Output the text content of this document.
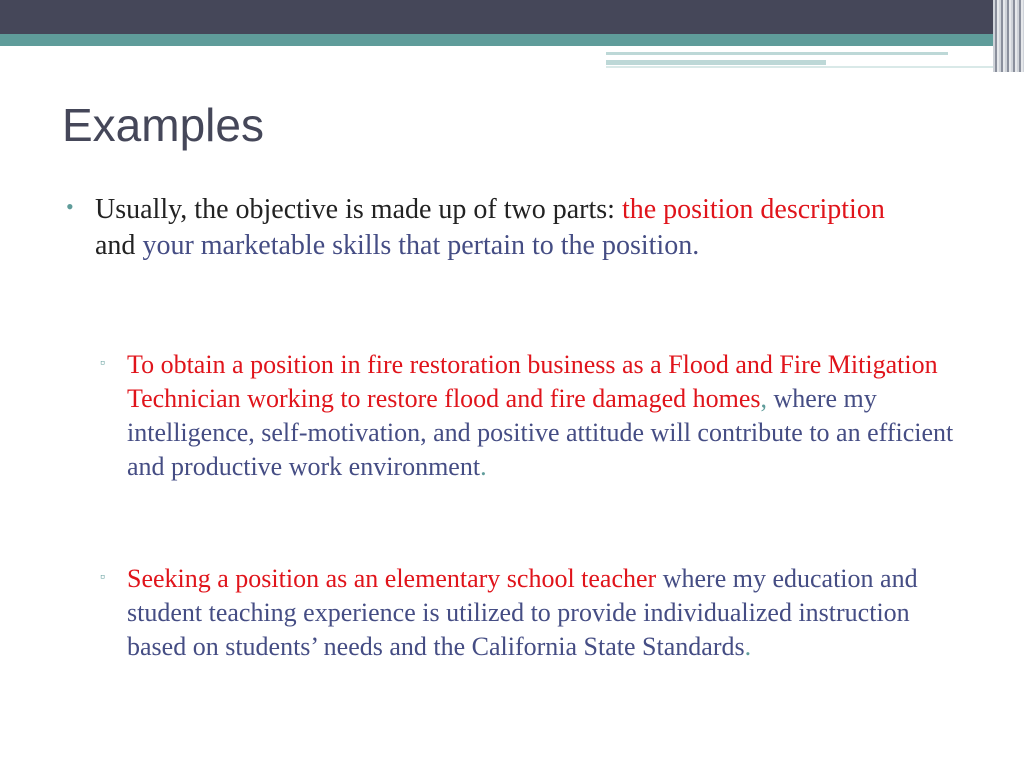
Examples
• Usually, the objective is made up of two parts: the position description and your marketable skills that pertain to the position.
▫ To obtain a position in fire restoration business as a Flood and Fire Mitigation Technician working to restore flood and fire damaged homes, where my intelligence, self-motivation, and positive attitude will contribute to an efficient and productive work environment.
▫ Seeking a position as an elementary school teacher where my education and student teaching experience is utilized to provide individualized instruction based on students’ needs and the California State Standards.
